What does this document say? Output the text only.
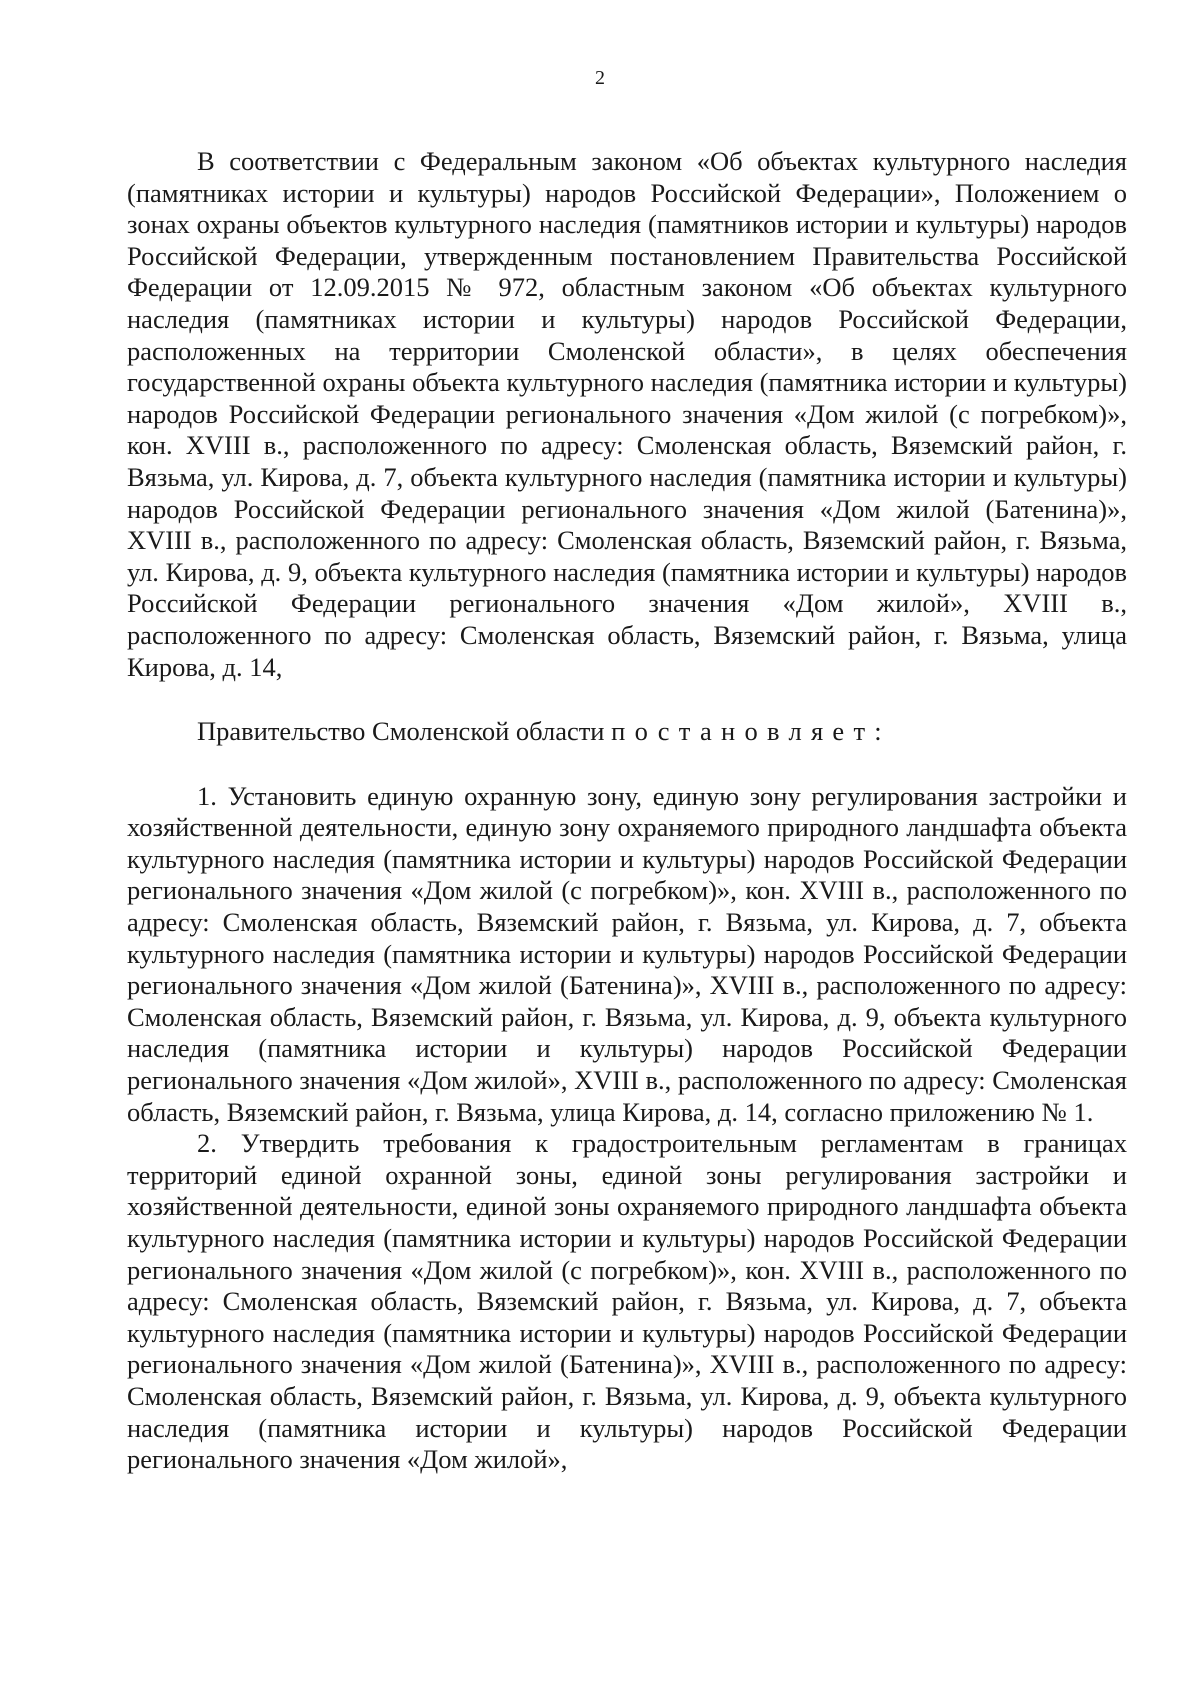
2

В соответствии с Федеральным законом «Об объектах культурного наследия (памятниках истории и культуры) народов Российской Федерации», Положением о зонах охраны объектов культурного наследия (памятников истории и культуры) народов Российской Федерации, утвержденным постановлением Правительства Российской Федерации от 12.09.2015 № 972, областным законом «Об объектах культурного наследия (памятниках истории и культуры) народов Российской Федерации, расположенных на территории Смоленской области», в целях обеспечения государственной охраны объекта культурного наследия (памятника истории и культуры) народов Российской Федерации регионального значения «Дом жилой (с погребком)», кон. XVIII в., расположенного по адресу: Смоленская область, Вяземский район, г. Вязьма, ул. Кирова, д. 7, объекта культурного наследия (памятника истории и культуры) народов Российской Федерации регионального значения «Дом жилой (Батенина)», XVIII в., расположенного по адресу: Смоленская область, Вяземский район, г. Вязьма, ул. Кирова, д. 9, объекта культурного наследия (памятника истории и культуры) народов Российской Федерации регионального значения «Дом жилой», XVIII в., расположенного по адресу: Смоленская область, Вяземский район, г. Вязьма, улица Кирова, д. 14,

Правительство Смоленской области постановляет:

1. Установить единую охранную зону, единую зону регулирования застройки и хозяйственной деятельности, единую зону охраняемого природного ландшафта объекта культурного наследия (памятника истории и культуры) народов Российской Федерации регионального значения «Дом жилой (с погребком)», кон. XVIII в., расположенного по адресу: Смоленская область, Вяземский район, г. Вязьма, ул. Кирова, д. 7, объекта культурного наследия (памятника истории и культуры) народов Российской Федерации регионального значения «Дом жилой (Батенина)», XVIII в., расположенного по адресу: Смоленская область, Вяземский район, г. Вязьма, ул. Кирова, д. 9, объекта культурного наследия (памятника истории и культуры) народов Российской Федерации регионального значения «Дом жилой», XVIII в., расположенного по адресу: Смоленская область, Вяземский район, г. Вязьма, улица Кирова, д. 14, согласно приложению № 1.

2. Утвердить требования к градостроительным регламентам в границах территорий единой охранной зоны, единой зоны регулирования застройки и хозяйственной деятельности, единой зоны охраняемого природного ландшафта объекта культурного наследия (памятника истории и культуры) народов Российской Федерации регионального значения «Дом жилой (с погребком)», кон. XVIII в., расположенного по адресу: Смоленская область, Вяземский район, г. Вязьма, ул. Кирова, д. 7, объекта культурного наследия (памятника истории и культуры) народов Российской Федерации регионального значения «Дом жилой (Батенина)», XVIII в., расположенного по адресу: Смоленская область, Вяземский район, г. Вязьма, ул. Кирова, д. 9, объекта культурного наследия (памятника истории и культуры) народов Российской Федерации регионального значения «Дом жилой»,
